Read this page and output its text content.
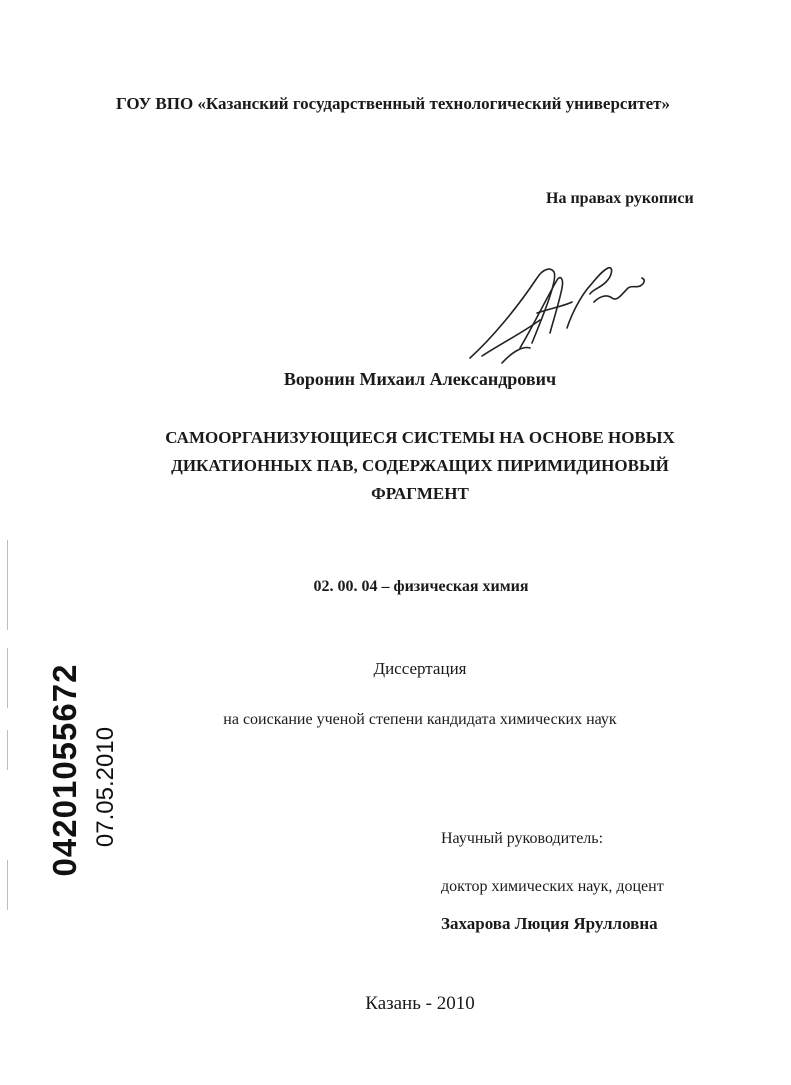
ГОУ ВПО «Казанский государственный технологический университет»
На правах рукописи
Воронин Михаил Александрович
САМООРГАНИЗУЮЩИЕСЯ СИСТЕМЫ НА ОСНОВЕ НОВЫХ
ДИКАТИОННЫХ ПАВ, СОДЕРЖАЩИХ ПИРИМИДИНОВЫЙ
ФРАГМЕНТ
02. 00. 04 – физическая химия
Диссертация
на соискание ученой степени кандидата химических наук
Научный руководитель:
доктор химических наук, доцент
Захарова Люция Ярулловна
Казань - 2010
04201055672 07.05.2010
